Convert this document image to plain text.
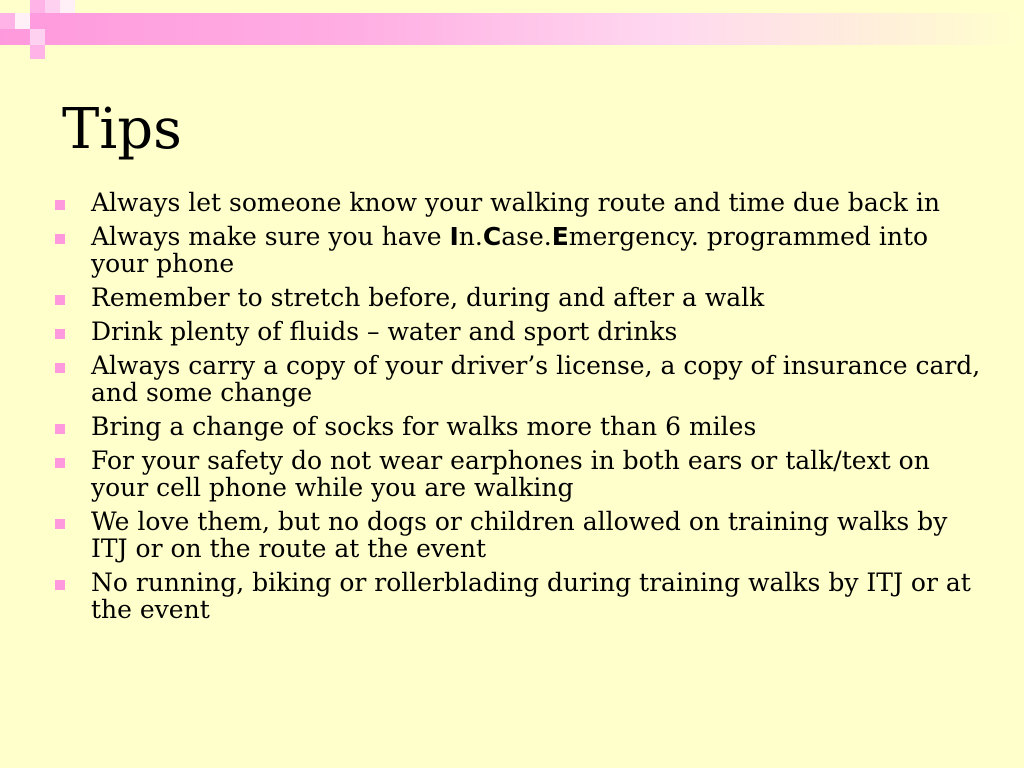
Tips
Always let someone know your walking route and time due back in
Always make sure you have In.Case.Emergency. programmed into your phone
Remember to stretch before, during and after a walk
Drink plenty of fluids – water and sport drinks
Always carry a copy of your driver’s license, a copy of insurance card, and some change
Bring a change of socks for walks more than 6 miles
For your safety do not wear earphones in both ears or talk/text on your cell phone while you are walking
We love them, but no dogs or children allowed on training walks by ITJ or on the route at the event
No running, biking or rollerblading during training walks by ITJ or at the event
